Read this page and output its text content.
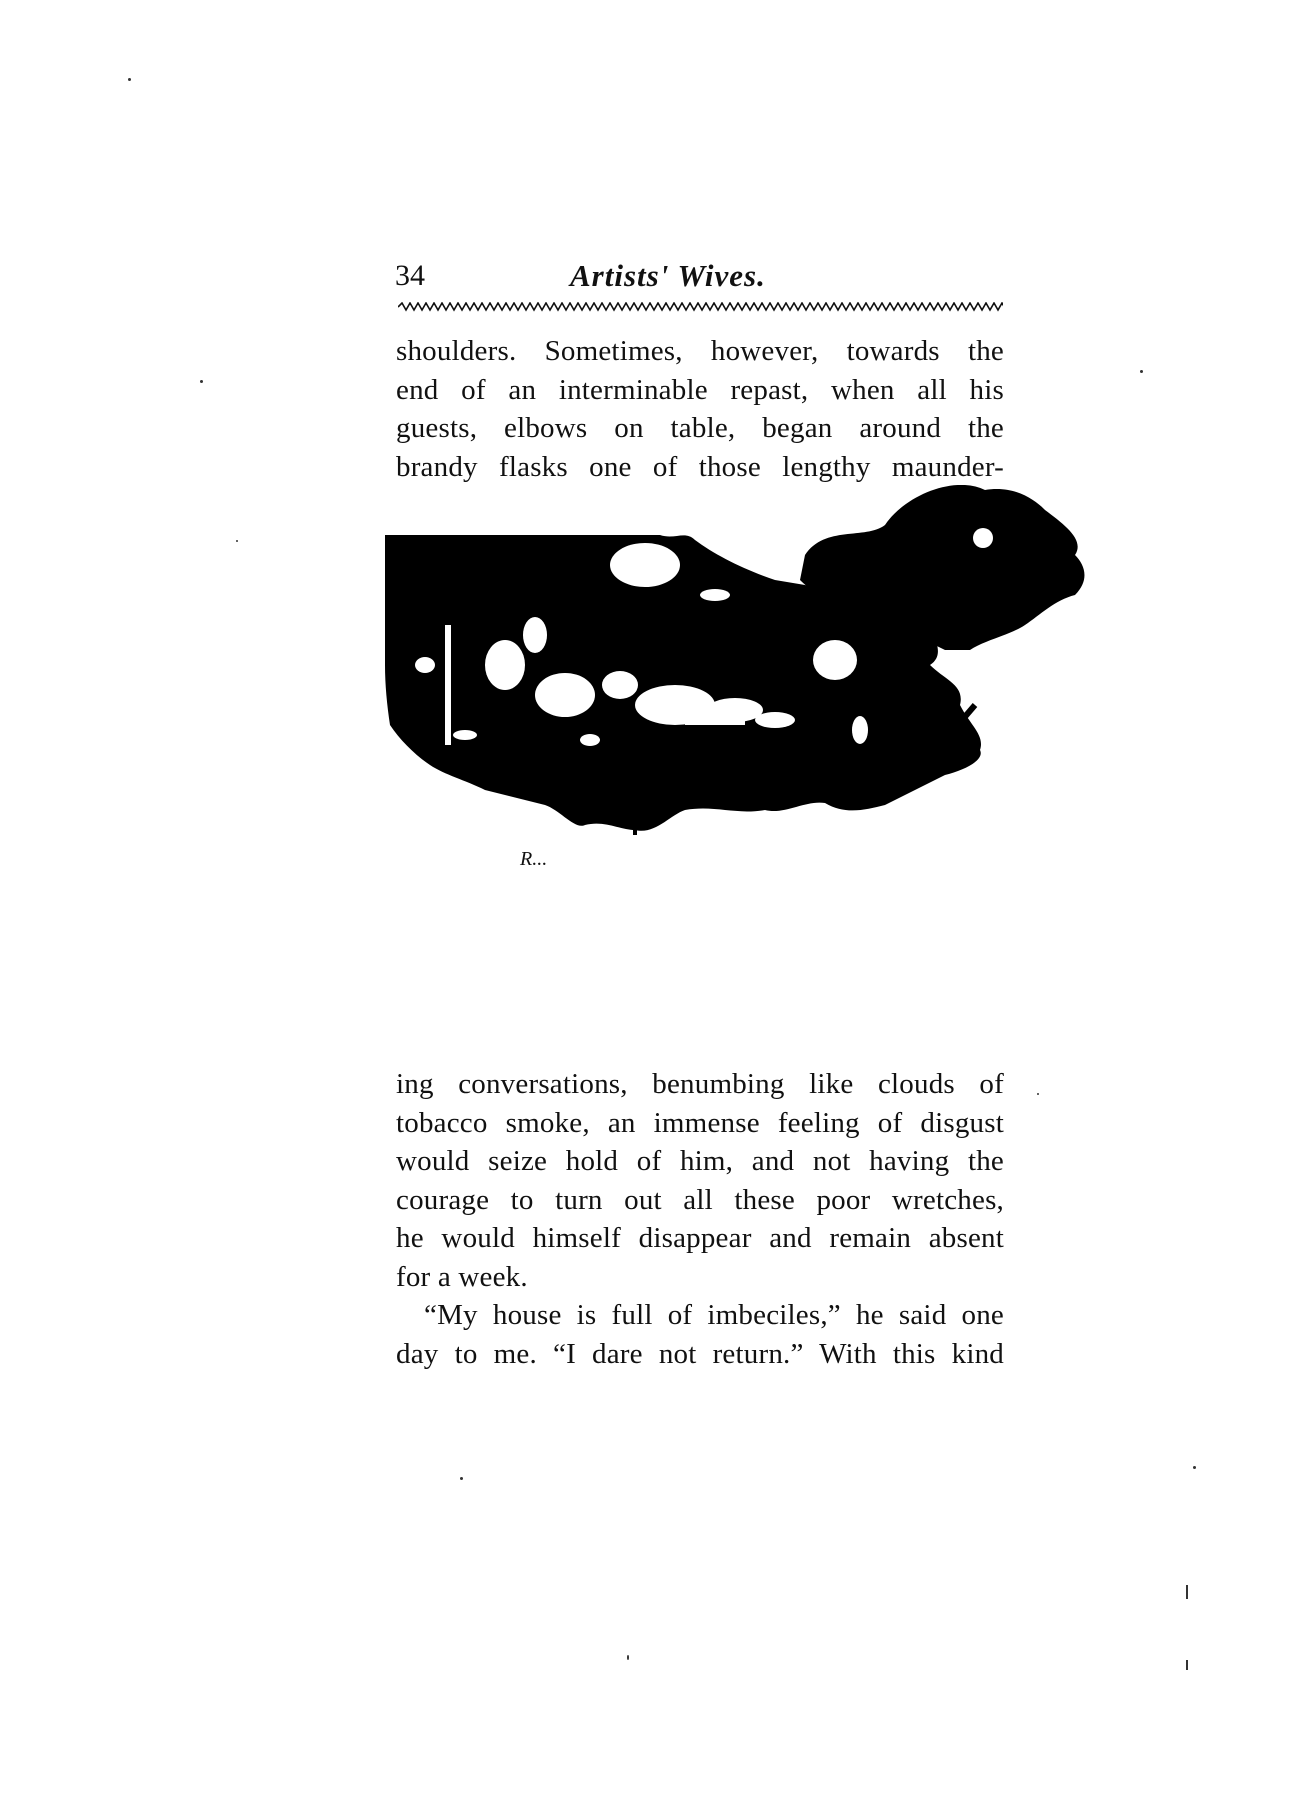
34	Artists' Wives.
shoulders. Sometimes, however, towards the
end of an interminable repast, when all his
guests, elbows on table, began around the
brandy flasks one of those lengthy maunder-
R...
ing conversations, benumbing like clouds of
tobacco smoke, an immense feeling of disgust
would seize hold of him, and not having the
courage to turn out all these poor wretches,
he would himself disappear and remain absent
for a week.
“My house is full of imbeciles,” he said one
day to me. “I dare not return.” With this kind
